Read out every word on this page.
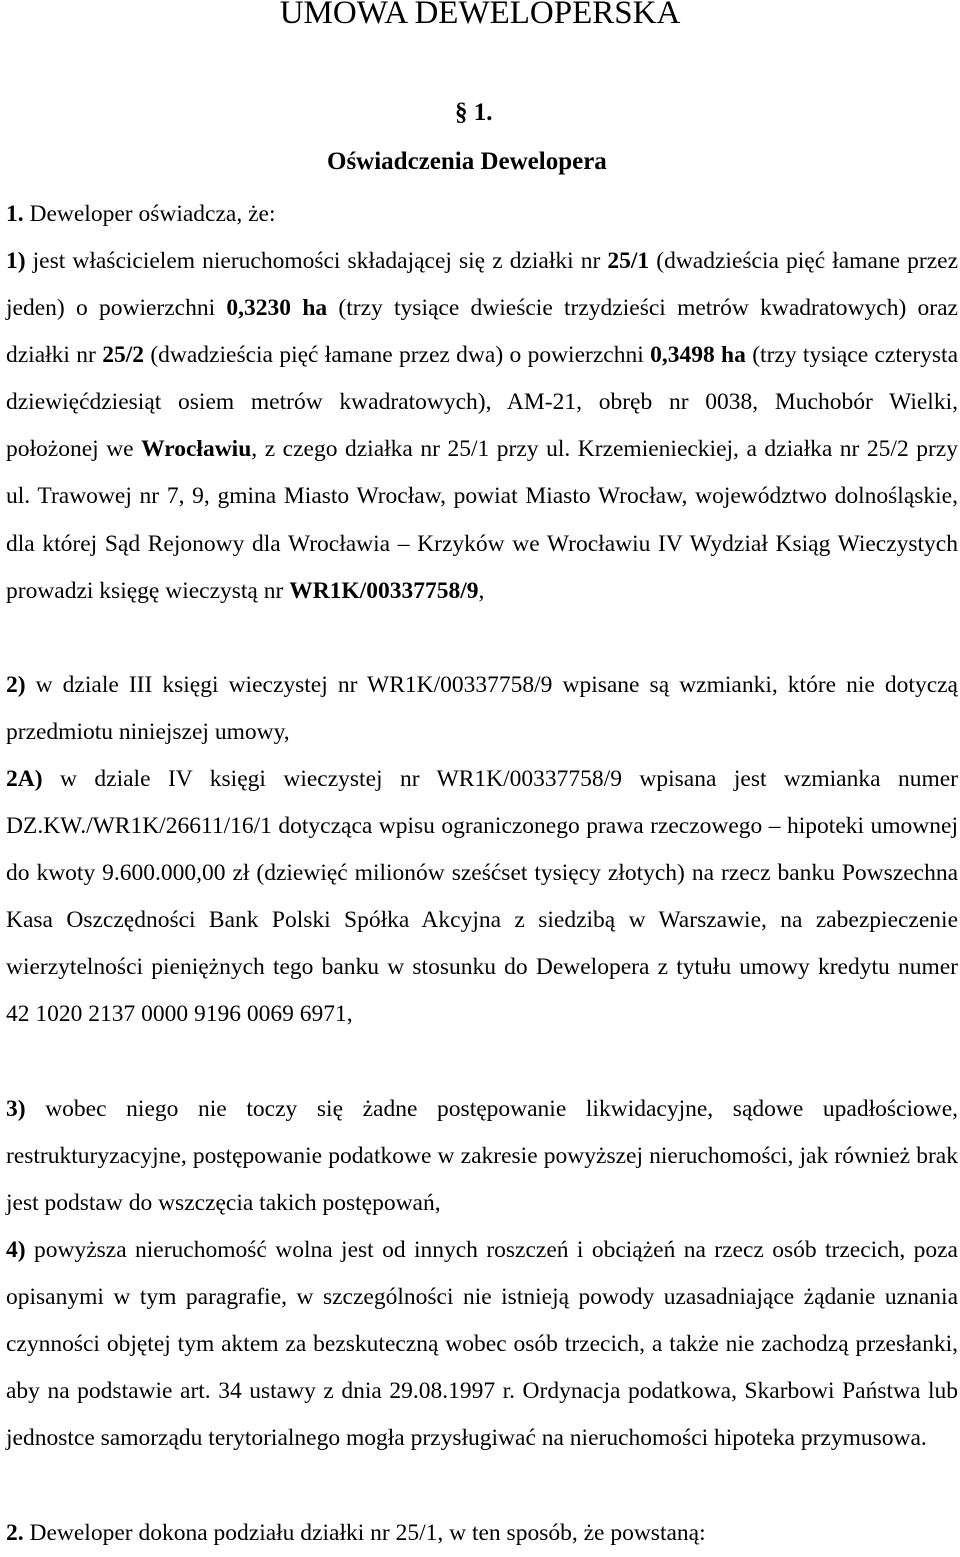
UMOWA DEWELOPERSKA
§ 1.
Oświadczenia Dewelopera

1. Deweloper oświadcza, że:

1) jest właścicielem nieruchomości składającej się z działki nr 25/1 (dwadzieścia pięć łamane przez jeden) o powierzchni 0,3230 ha (trzy tysiące dwieście trzydzieści metrów kwadratowych) oraz działki nr 25/2 (dwadzieścia pięć łamane przez dwa) o powierzchni 0,3498 ha (trzy tysiące czterysta dziewięćdziesiąt osiem metrów kwadratowych), AM-21, obręb nr 0038, Muchobór Wielki, położonej we Wrocławiu, z czego działka nr 25/1 przy ul. Krzemienieckiej, a działka nr 25/2 przy ul. Trawowej nr 7, 9, gmina Miasto Wrocław, powiat Miasto Wrocław, województwo dolnośląskie, dla której Sąd Rejonowy dla Wrocławia – Krzyków we Wrocławiu IV Wydział Ksiąg Wieczystych prowadzi księgę wieczystą nr WR1K/00337758/9,

2) w dziale III księgi wieczystej nr WR1K/00337758/9 wpisane są wzmianki, które nie dotyczą przedmiotu niniejszej umowy,

2A) w dziale IV księgi wieczystej nr WR1K/00337758/9 wpisana jest wzmianka numer DZ.KW./WR1K/26611/16/1 dotycząca wpisu ograniczonego prawa rzeczowego – hipoteki umownej do kwoty 9.600.000,00 zł (dziewięć milionów sześćset tysięcy złotych) na rzecz banku Powszechna Kasa Oszczędności Bank Polski Spółka Akcyjna z siedzibą w Warszawie, na zabezpieczenie wierzytelności pieniężnych tego banku w stosunku do Dewelopera z tytułu umowy kredytu numer 42 1020 2137 0000 9196 0069 6971,

3) wobec niego nie toczy się żadne postępowanie likwidacyjne, sądowe upadłościowe, restrukturyzacyjne, postępowanie podatkowe w zakresie powyższej nieruchomości, jak również brak jest podstaw do wszczęcia takich postępowań,

4) powyższa nieruchomość wolna jest od innych roszczeń i obciążeń na rzecz osób trzecich, poza opisanymi w tym paragrafie, w szczególności nie istnieją powody uzasadniające żądanie uznania czynności objętej tym aktem za bezskuteczną wobec osób trzecich, a także nie zachodzą przesłanki, aby na podstawie art. 34 ustawy z dnia 29.08.1997 r. Ordynacja podatkowa, Skarbowi Państwa lub jednostce samorządu terytorialnego mogła przysługiwać na nieruchomości hipoteka przymusowa.

2. Deweloper dokona podziału działki nr 25/1, w ten sposób, że powstaną:
